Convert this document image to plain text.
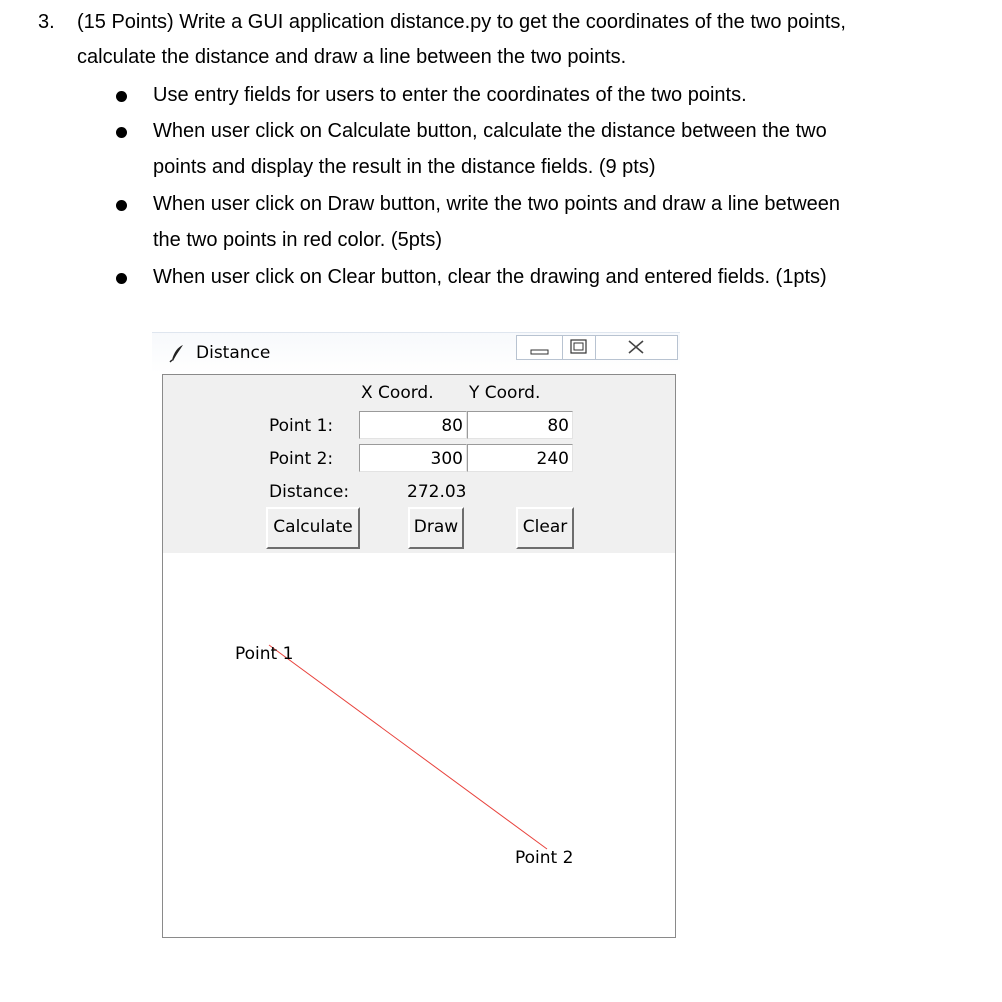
3. (15 Points) Write a GUI application distance.py to get the coordinates of the two points,
calculate the distance and draw a line between the two points.
Use entry fields for users to enter the coordinates of the two points.
When user click on Calculate button, calculate the distance between the two
points and display the result in the distance fields. (9 pts)
When user click on Draw button, write the two points and draw a line between
the two points in red color. (5pts)
When user click on Clear button, clear the drawing and entered fields. (1pts)
Distance
X Coord. Y Coord.
Point 1:	80	80
Point 2:	300	240
Distance:	272.03
Calculate	Draw	Clear
Point 1
Point 2
